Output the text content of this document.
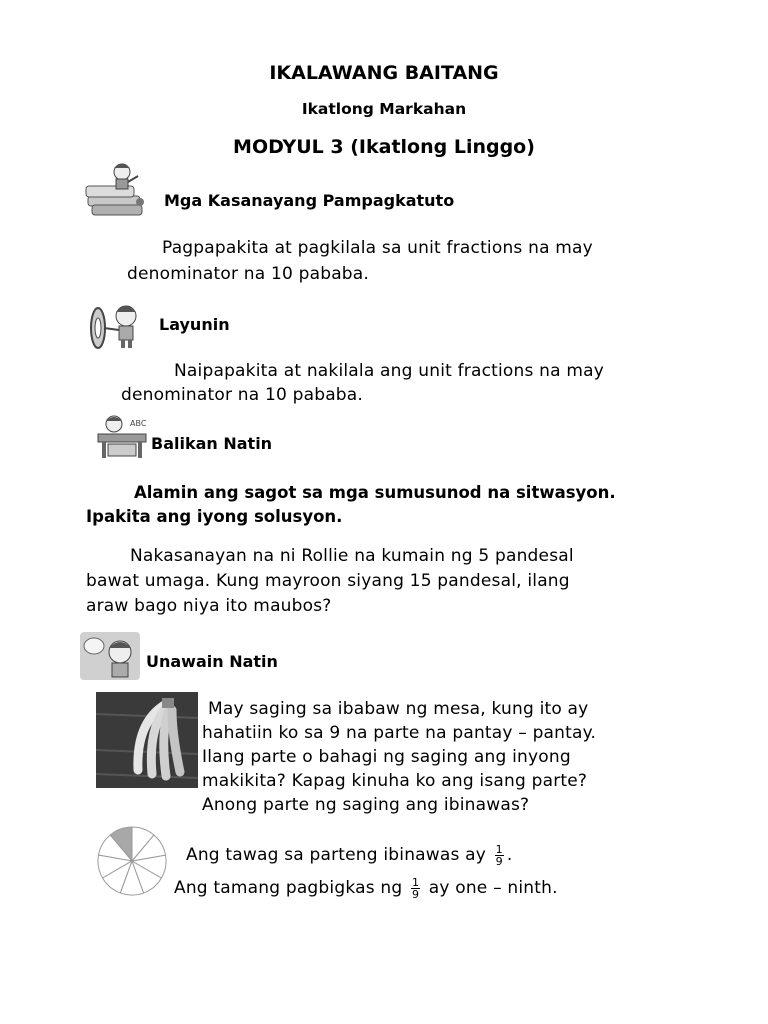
IKALAWANG BAITANG
Ikatlong Markahan
MODYUL 3 (Ikatlong Linggo)
Mga Kasanayang Pampagkatuto
Pagpapakita at pagkilala sa unit fractions na may
denominator na 10 pababa.
Layunin
Naipapakita at nakilala ang unit fractions na may
denominator na 10 pababa.
ABC
Balikan Natin
Alamin ang sagot sa mga sumusunod na sitwasyon.
Ipakita ang iyong solusyon.
Nakasanayan na ni Rollie na kumain ng 5 pandesal
bawat umaga. Kung mayroon siyang 15 pandesal, ilang
araw bago niya ito maubos?
Unawain Natin
May saging sa ibabaw ng mesa, kung ito ay
hahatiin ko sa 9 na parte na pantay – pantay.
Ilang parte o bahagi ng saging ang inyong
makikita? Kapag kinuha ko ang isang parte?
Anong parte ng saging ang ibinawas?
Ang tawag sa parteng ibinawas ay $\frac{1}{9}$ .
Ang tamang pagbigkas ng $\frac{1}{9}$ ay one – ninth.
